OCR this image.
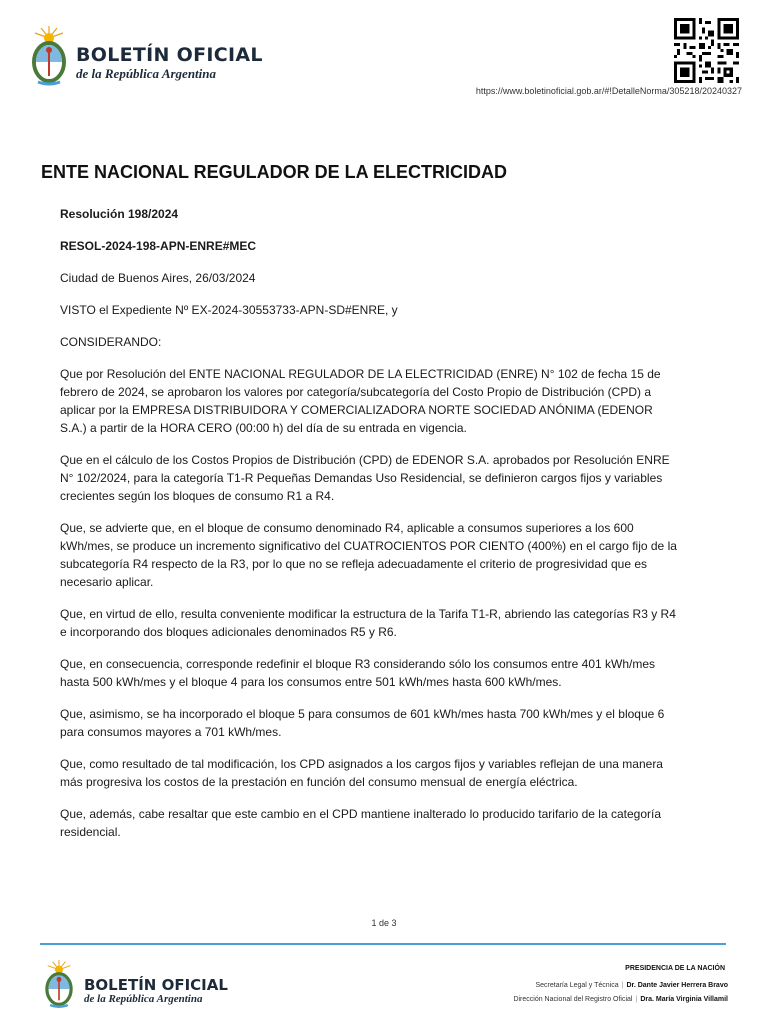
BOLETÍN OFICIAL
de la República Argentina
https://www.boletinoficial.gob.ar/#!DetalleNorma/305218/20240327
ENTE NACIONAL REGULADOR DE LA ELECTRICIDAD
Resolución 198/2024
RESOL-2024-198-APN-ENRE#MEC
Ciudad de Buenos Aires, 26/03/2024
VISTO el Expediente Nº EX-2024-30553733-APN-SD#ENRE, y
CONSIDERANDO:
Que por Resolución del ENTE NACIONAL REGULADOR DE LA ELECTRICIDAD (ENRE) N° 102 de fecha 15 de
febrero de 2024, se aprobaron los valores por categoría/subcategoría del Costo Propio de Distribución (CPD) a
aplicar por la EMPRESA DISTRIBUIDORA Y COMERCIALIZADORA NORTE SOCIEDAD ANÓNIMA (EDENOR
S.A.) a partir de la HORA CERO (00:00 h) del día de su entrada en vigencia.
Que en el cálculo de los Costos Propios de Distribución (CPD) de EDENOR S.A. aprobados por Resolución ENRE
N° 102/2024, para la categoría T1-R Pequeñas Demandas Uso Residencial, se definieron cargos fijos y variables
crecientes según los bloques de consumo R1 a R4.
Que, se advierte que, en el bloque de consumo denominado R4, aplicable a consumos superiores a los 600
kWh/mes, se produce un incremento significativo del CUATROCIENTOS POR CIENTO (400%) en el cargo fijo de la
subcategoría R4 respecto de la R3, por lo que no se refleja adecuadamente el criterio de progresividad que es
necesario aplicar.
Que, en virtud de ello, resulta conveniente modificar la estructura de la Tarifa T1-R, abriendo las categorías R3 y R4
e incorporando dos bloques adicionales denominados R5 y R6.
Que, en consecuencia, corresponde redefinir el bloque R3 considerando sólo los consumos entre 401 kWh/mes
hasta 500 kWh/mes y el bloque 4 para los consumos entre 501 kWh/mes hasta 600 kWh/mes.
Que, asimismo, se ha incorporado el bloque 5 para consumos de 601 kWh/mes hasta 700 kWh/mes y el bloque 6
para consumos mayores a 701 kWh/mes.
Que, como resultado de tal modificación, los CPD asignados a los cargos fijos y variables reflejan de una manera
más progresiva los costos de la prestación en función del consumo mensual de energía eléctrica.
Que, además, cabe resaltar que este cambio en el CPD mantiene inalterado lo producido tarifario de la categoría
residencial.
1 de 3
BOLETÍN OFICIAL
de la República Argentina
PRESIDENCIA DE LA NACIÓN
Secretaría Legal y Técnica | Dr. Dante Javier Herrera Bravo
Dirección Nacional del Registro Oficial | Dra. María Virginia Villamil
